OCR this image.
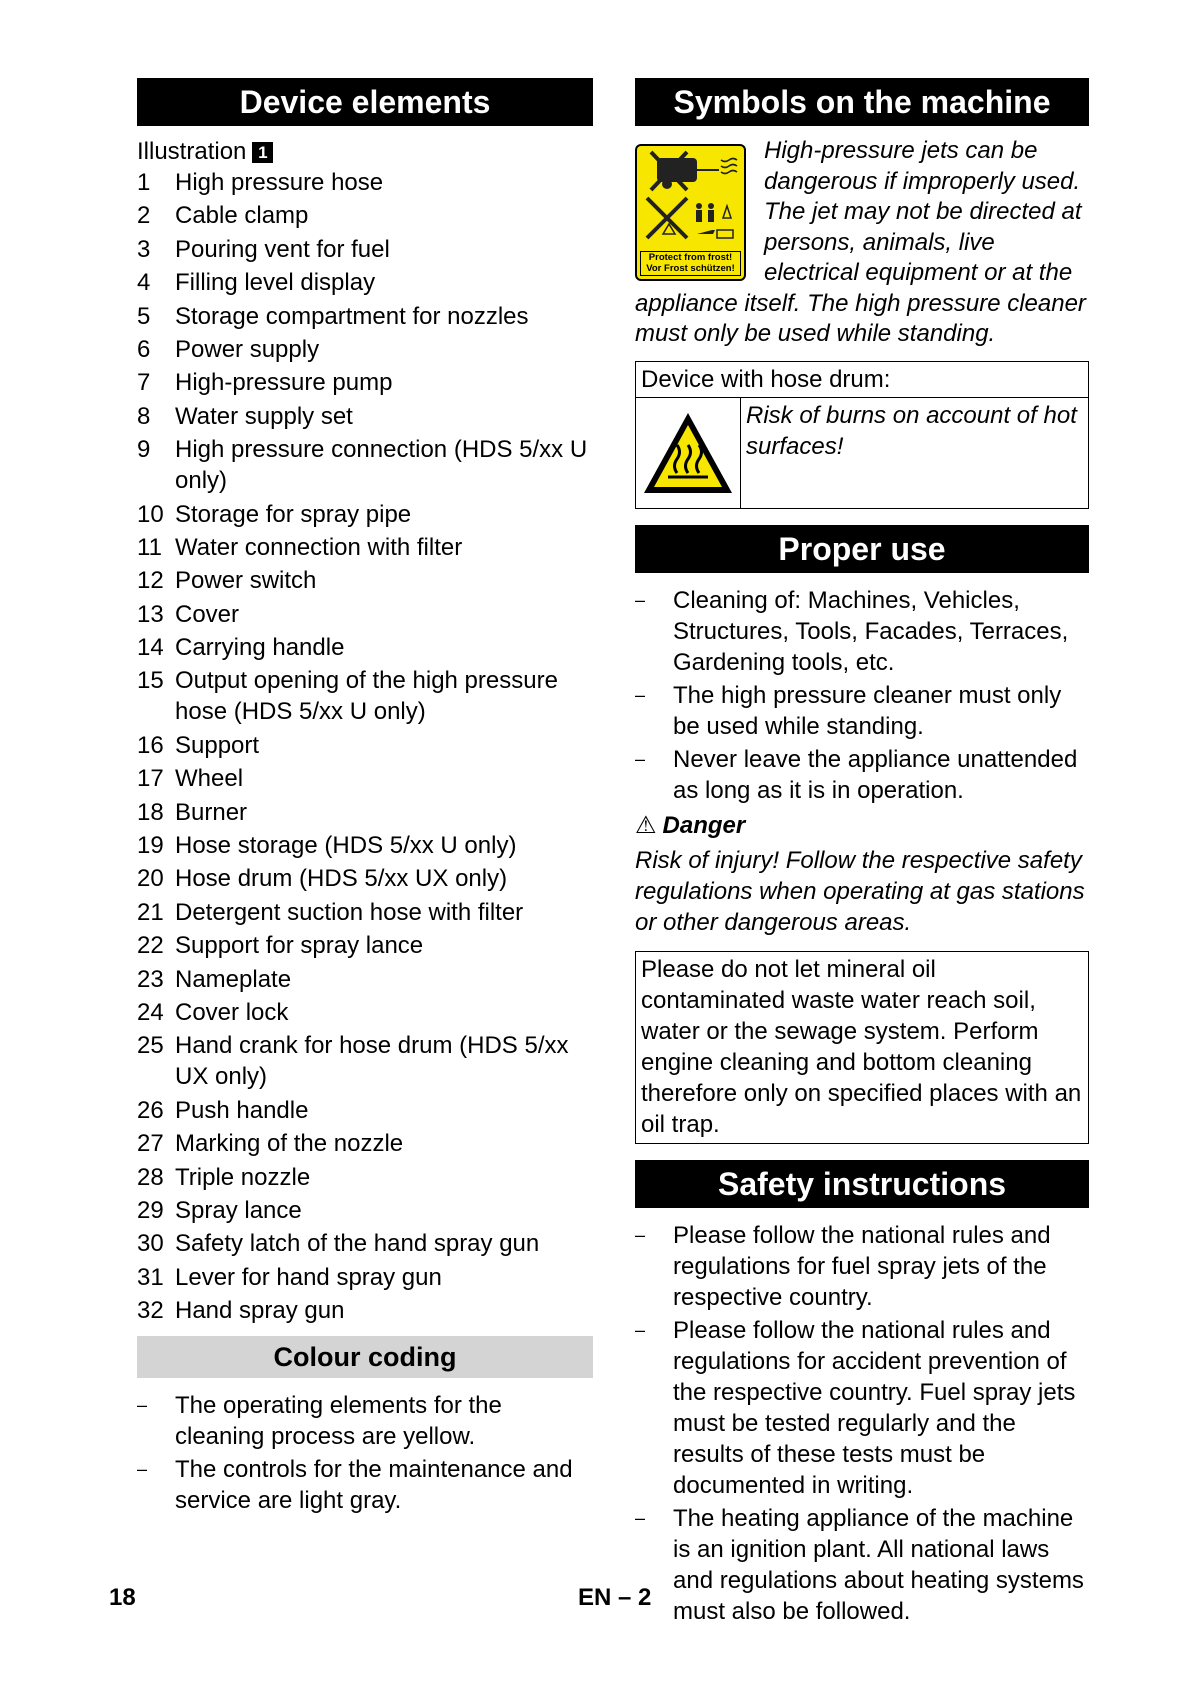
Device elements
Illustration 1
1	High pressure hose
2	Cable clamp
3	Pouring vent for fuel
4	Filling level display
5	Storage compartment for nozzles
6	Power supply
7	High-pressure pump
8	Water supply set
9	High pressure connection (HDS 5/xx U only)
10 Storage for spray pipe
11 Water connection with filter
12 Power switch
13 Cover
14 Carrying handle
15 Output opening of the high pressure hose (HDS 5/xx U only)
16 Support
17 Wheel
18 Burner
19 Hose storage (HDS 5/xx U only)
20 Hose drum (HDS 5/xx UX only)
21 Detergent suction hose with filter
22 Support for spray lance
23 Nameplate
24 Cover lock
25 Hand crank for hose drum (HDS 5/xx UX only)
26 Push handle
27 Marking of the nozzle
28 Triple nozzle
29 Spray lance
30 Safety latch of the hand spray gun
31 Lever for hand spray gun
32 Hand spray gun
Colour coding
–	The operating elements for the cleaning process are yellow.
–	The controls for the maintenance and service are light gray.
Symbols on the machine
Protect from frost!
Vor Frost schützen!
High-pressure jets can be dangerous if improperly used. The jet may not be directed at persons, animals, live electrical equipment or at the appliance itself. The high pressure cleaner must only be used while standing.
Device with hose drum:
Risk of burns on account of hot surfaces!
Proper use
–	Cleaning of: Machines, Vehicles, Structures, Tools, Facades, Terraces, Gardening tools, etc.
–	The high pressure cleaner must only be used while standing.
–	Never leave the appliance unattended as long as it is in operation.
⚠ Danger
Risk of injury! Follow the respective safety regulations when operating at gas stations or other dangerous areas.
Please do not let mineral oil contaminated waste water reach soil, water or the sewage system. Perform engine cleaning and bottom cleaning therefore only on specified places with an oil trap.
Safety instructions
–	Please follow the national rules and regulations for fuel spray jets of the respective country.
–	Please follow the national rules and regulations for accident prevention of the respective country. Fuel spray jets must be tested regularly and the results of these tests must be documented in writing.
–	The heating appliance of the machine is an ignition plant. All national laws and regulations about heating systems must also be followed.
18	EN – 2
